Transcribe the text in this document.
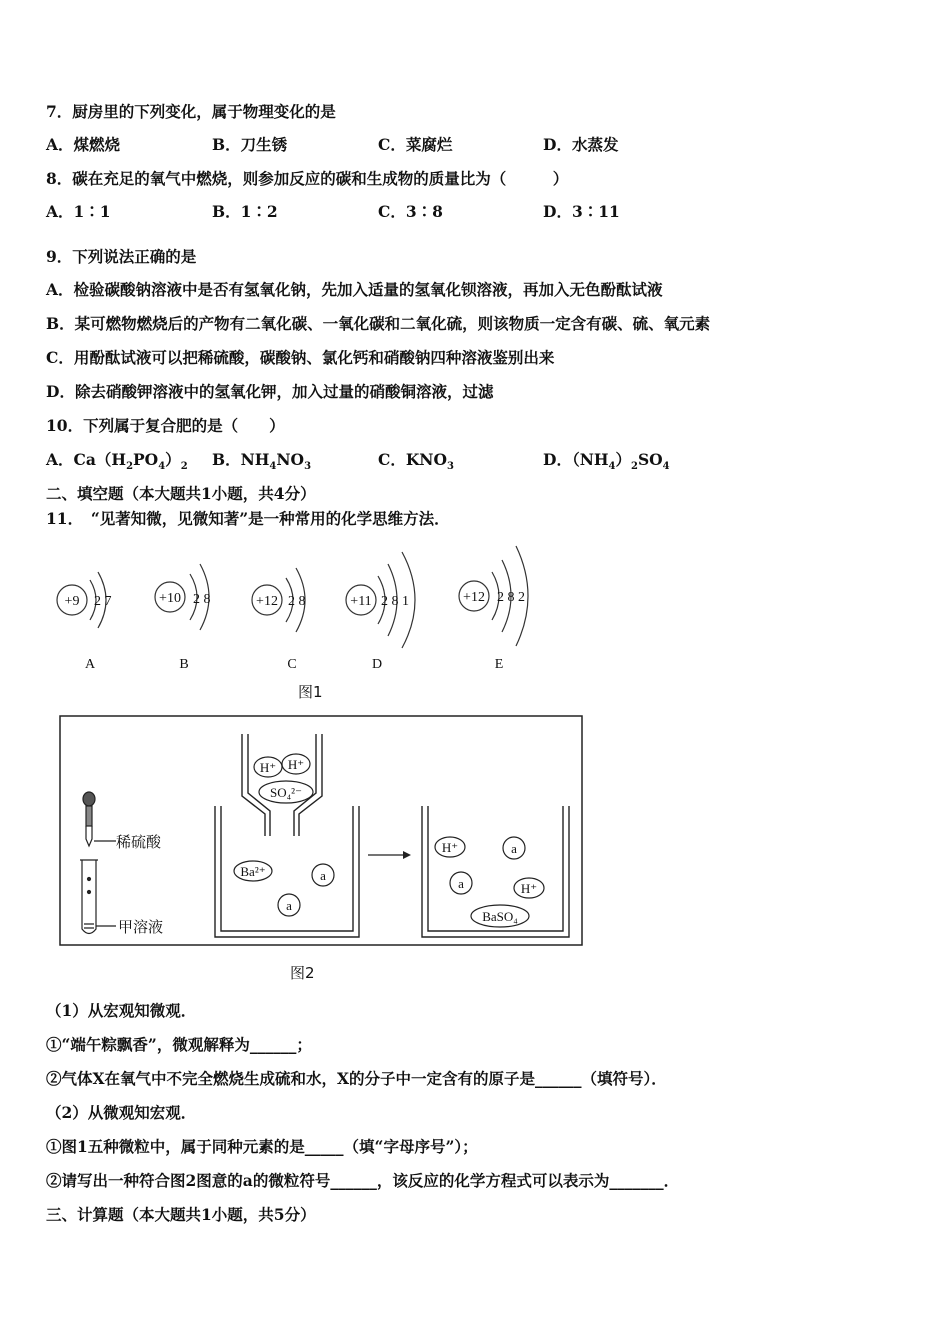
7．厨房里的下列变化，属于物理变化的是
A．煤燃烧	B．刀生锈	C．菜腐烂	D．水蒸发
8．碳在充足的氧气中燃烧，则参加反应的碳和生成物的质量比为（　　　）
A．1∶1	B．1∶2	C．3∶8	D．3∶11
9．下列说法正确的是
A．检验碳酸钠溶液中是否有氢氧化钠，先加入适量的氢氧化钡溶液，再加入无色酚酞试液
B．某可燃物燃烧后的产物有二氧化碳、一氧化碳和二氧化硫，则该物质一定含有碳、硫、氧元素
C．用酚酞试液可以把稀硫酸，碳酸钠、氯化钙和硝酸钠四种溶液鉴别出来
D．除去硝酸钾溶液中的氢氧化钾，加入过量的硝酸铜溶液，过滤
10．下列属于复合肥的是（　　）
A．$Ca(H_2PO_4)_2$ B．$NH_4NO_3$	C．$KNO_3$	D．$(NH_4)_2SO_4$
二、填空题（本大题共1小题，共4分）
11．　“见著知微，见微知著”是一种常用的化学思维方法．
+9 2 7	+10 2 8	+12 2 8	+11 2 8 1	+12 2 8 2
A	B	C	D	E
图1
稀硫酸
甲溶液
H⁺ H⁺
SO₄²⁻
Ba²⁺	a
a
H⁺	a
a	H⁺
BaSO₄
图2
（1）从宏观知微观．
①“端午粽飘香”，微观解释为______；
②气体X在氧气中不完全燃烧生成硫和水，X的分子中一定含有的原子是______（填符号）．
（2）从微观知宏观．
①图1五种微粒中，属于同种元素的是_____（填“字母序号”）；
②请写出一种符合图2图意的a的微粒符号______，该反应的化学方程式可以表示为_______．
三、计算题（本大题共1小题，共5分）
